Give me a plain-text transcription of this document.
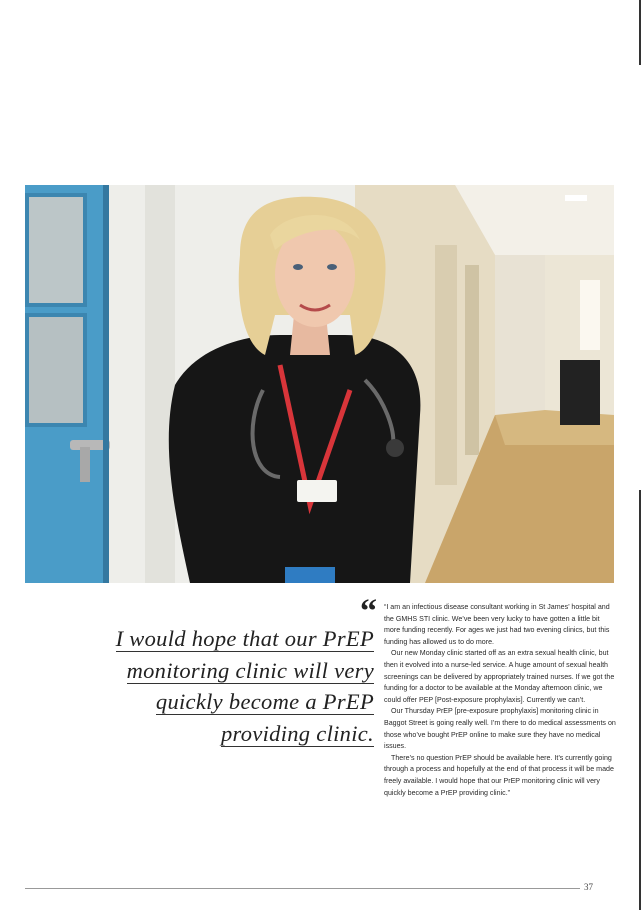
Dr Susan Clarke
Consultant
“
I would hope that our PrEP
monitoring clinic will very
quickly become a PrEP
providing clinic.

“I am an infectious disease consultant working in St James’ hospital and the GMHS STI clinic. We’ve been very lucky to have gotten a little bit more funding recently. For ages we just had two evening clinics, but this funding has allowed us to do more.

Our new Monday clinic started off as an extra sexual health clinic, but then it evolved into a nurse-led service. A huge amount of sexual health screenings can be delivered by appropriately trained nurses. If we got the funding for a doctor to be available at the Monday afternoon clinic, we could offer PEP [Post-exposure prophylaxis]. Currently we can’t.

Our Thursday PrEP [pre-exposure prophylaxis] monitoring clinic in Baggot Street is going really well. I’m there to do medical assessments on those who’ve bought PrEP online to make sure they have no medical issues.

There’s no question PrEP should be available here. It’s currently going through a process and hopefully at the end of that process it will be made freely available. I would hope that our PrEP monitoring clinic will very quickly become a PrEP providing clinic.”

37
